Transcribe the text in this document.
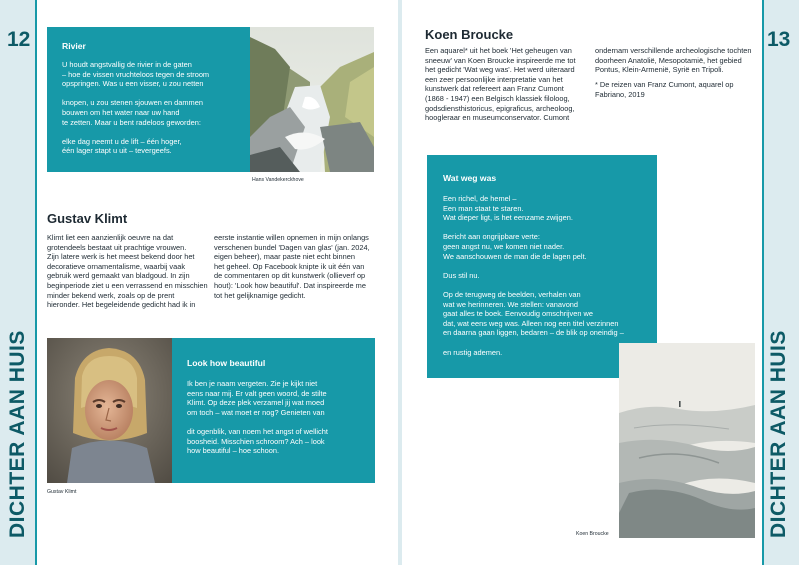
12	13
DICHTER AAN HUIS	DICHTER AAN HUIS
Rivier

U houdt angstvallig de rivier in de gaten
– hoe de vissen vruchteloos tegen de stroom
opspringen. Was u een visser, u zou netten

knopen, u zou stenen sjouwen en dammen
bouwen om het water naar uw hand
te zetten. Maar u bent radeloos geworden:

elke dag neemt u de lift – één hoger,
één lager stapt u uit – tevergeefs.

Hans Vandekerckhove
Gustav Klimt
Klimt liet een aanzienlijk oeuvre na dat
grotendeels bestaat uit prachtige vrouwen.
Zijn latere werk is het meest bekend door het
decoratieve ornamentalisme, waarbij vaak
gebruik werd gemaakt van bladgoud. In zijn
beginperiode ziet u een verrassend en misschien
minder bekend werk, zoals op de prent
hieronder. Het begeleidende gedicht had ik in
eerste instantie willen opnemen in mijn onlangs
verschenen bundel 'Dagen van glas' (jan. 2024,
eigen beheer), maar paste niet echt binnen
het geheel. Op Facebook knipte ik uit één van
de commentaren op dit kunstwerk (ollieverf op
hout): 'Look how beautiful'. Dat inspireerde me
tot het gelijknamige gedicht.
Gustav Klimt
Look how beautiful

Ik ben je naam vergeten. Zie je kijkt niet
eens naar mij. Er valt geen woord, de stilte
Klimt. Op deze plek verzamel jij wat moed
om toch – wat moet er nog? Genieten van

dit ogenblik, van noem het angst of wellicht
boosheid. Misschien schroom? Ach – look
how beautiful – hoe schoon.

Koen Broucke
Een aquarel* uit het boek 'Het geheugen van
sneeuw' van Koen Broucke inspireerde me tot
het gedicht 'Wat weg was'. Het werd uiteraard
een zeer persoonlijke interpretatie van het
kunstwerk dat refereert aan Franz Cumont
(1868 - 1947) een Belgisch klassiek filoloog,
godsdiensthistoricus, epigraficus, archeoloog,
hoogleraar en museumconservator. Cumont
ondernam verschillende archeologische tochten
doorheen Anatolië, Mesopotamië, het gebied
Pontus, Klein-Armenië, Syrië en Tripoli.
* De reizen van Franz Cumont, aquarel op
Fabriano, 2019
Wat weg was

Een richel, de hemel –
Een man staat te staren.
Wat dieper ligt, is het eenzame zwijgen.

Bericht aan ongrijpbare verte:
geen angst nu, we komen niet nader.
We aanschouwen de man die de lagen pelt.

Dus stil nu.

Op de terugweg de beelden, verhalen van
wat we herinneren. We stellen: vanavond
gaat alles te boek. Eenvoudig omschrijven we
dat, wat eens weg was. Alleen nog een titel verzinnen
en daarna gaan liggen, bedaren – de blik op oneindig –

en rustig ademen.

Koen Broucke
